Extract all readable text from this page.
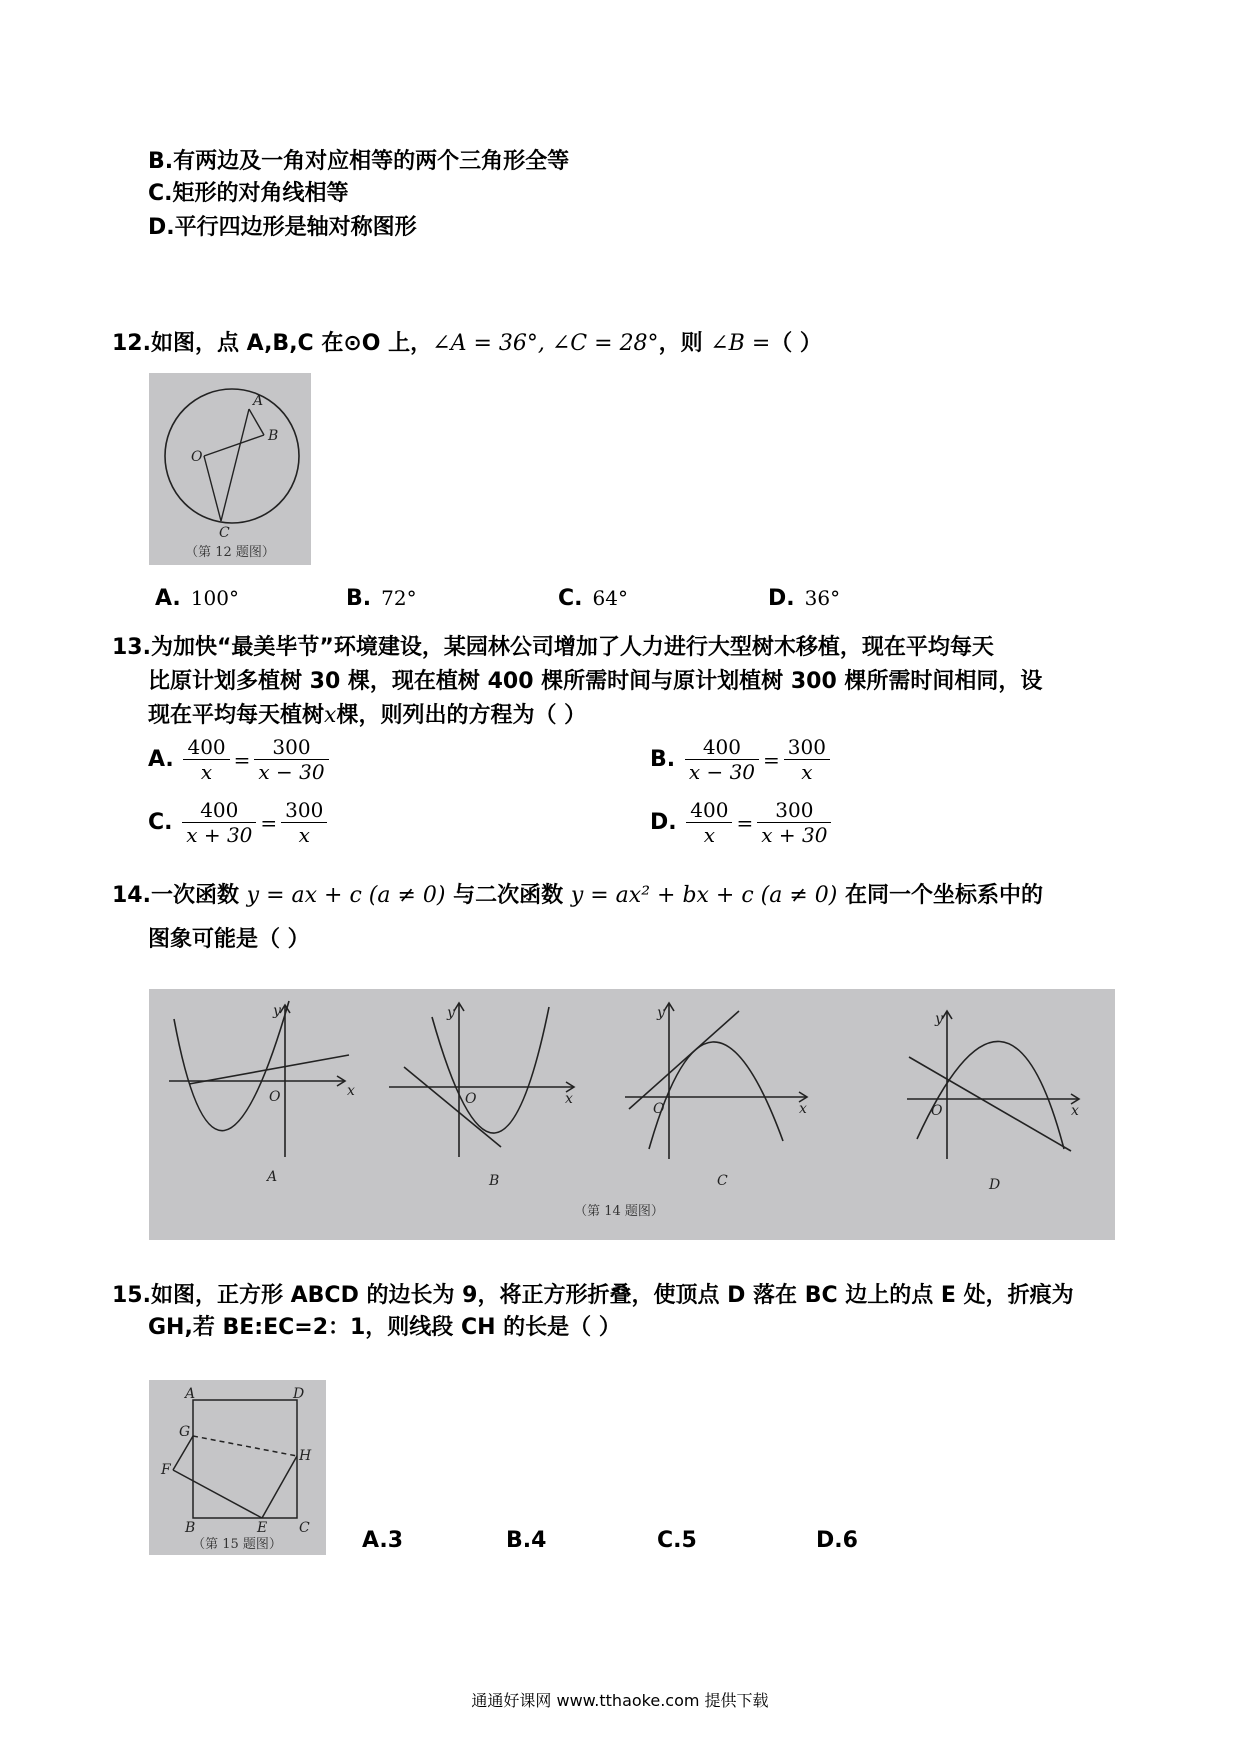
B.有两边及一角对应相等的两个三角形全等
C.矩形的对角线相等
D.平行四边形是轴对称图形
12.如图，点 A,B,C 在⊙O 上，∠A = 36°, ∠C = 28°，则 ∠B =（ ）
A
B
O
C
（第 12 题图）
A. 100°	B. 72°	C. 64°	D. 36°
13.为加快“最美毕节”环境建设，某园林公司增加了人力进行大型树木移植，现在平均每天
比原计划多植树 30 棵，现在植树 400 棵所需时间与原计划植树 300 棵所需时间相同，设
现在平均每天植树x棵，则列出的方程为（ ）
A. $\frac{400}{x} = \frac{300}{x - 30}$	B. $\frac{400}{x - 30} = \frac{300}{x}$
C. $\frac{400}{x + 30} = \frac{300}{x}$	D. $\frac{400}{x} = \frac{300}{x + 30}$
14.一次函数 y = ax + c (a ≠ 0) 与二次函数 y = ax² + bx + c (a ≠ 0) 在同一个坐标系中的
图象可能是（ ）
y
x
O
y
x
O
y
x
O
y
x
O
A	B	C	D
（第 14 题图）
15.如图，正方形 ABCD 的边长为 9，将正方形折叠，使顶点 D 落在 BC 边上的点 E 处，折痕为
GH,若 BE:EC=2：1，则线段 CH 的长是（ ）
A	D
G
H
F
B	E C
（第 15 题图）	A.3	B.4	C.5	D.6
通通好课网 www.tthaoke.com 提供下载
